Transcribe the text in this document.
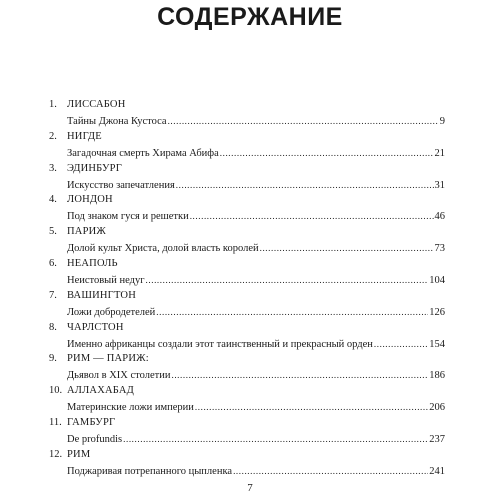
СОДЕРЖАНИЕ
1. ЛИССАБОН
Тайны Джона Кустоса .....	9
2. НИГДЕ
Загадочная смерть Хирама Абифа .....	21
3. ЭДИНБУРГ
Искусство запечатления .....	31
4. ЛОНДОН
Под знаком гуся и решетки .....	46
5. ПАРИЖ
Долой культ Христа, долой власть королей .....	73
6. НЕАПОЛЬ
Неистовый недуг .....	104
7. ВАШИНГТОН
Ложи добродетелей .....	126
8. ЧАРЛСТОН
Именно африканцы создали этот таинственный и прекрасный орден .....	154
9. РИМ — ПАРИЖ:
Дьявол в XIX столетии .....	186
10. АЛЛАХАБАД
Материнские ложи империи .....	206
11. ГАМБУРГ
De profundis .....	237
12. РИМ
Поджаривая потрепанного цыпленка .....	241
7
